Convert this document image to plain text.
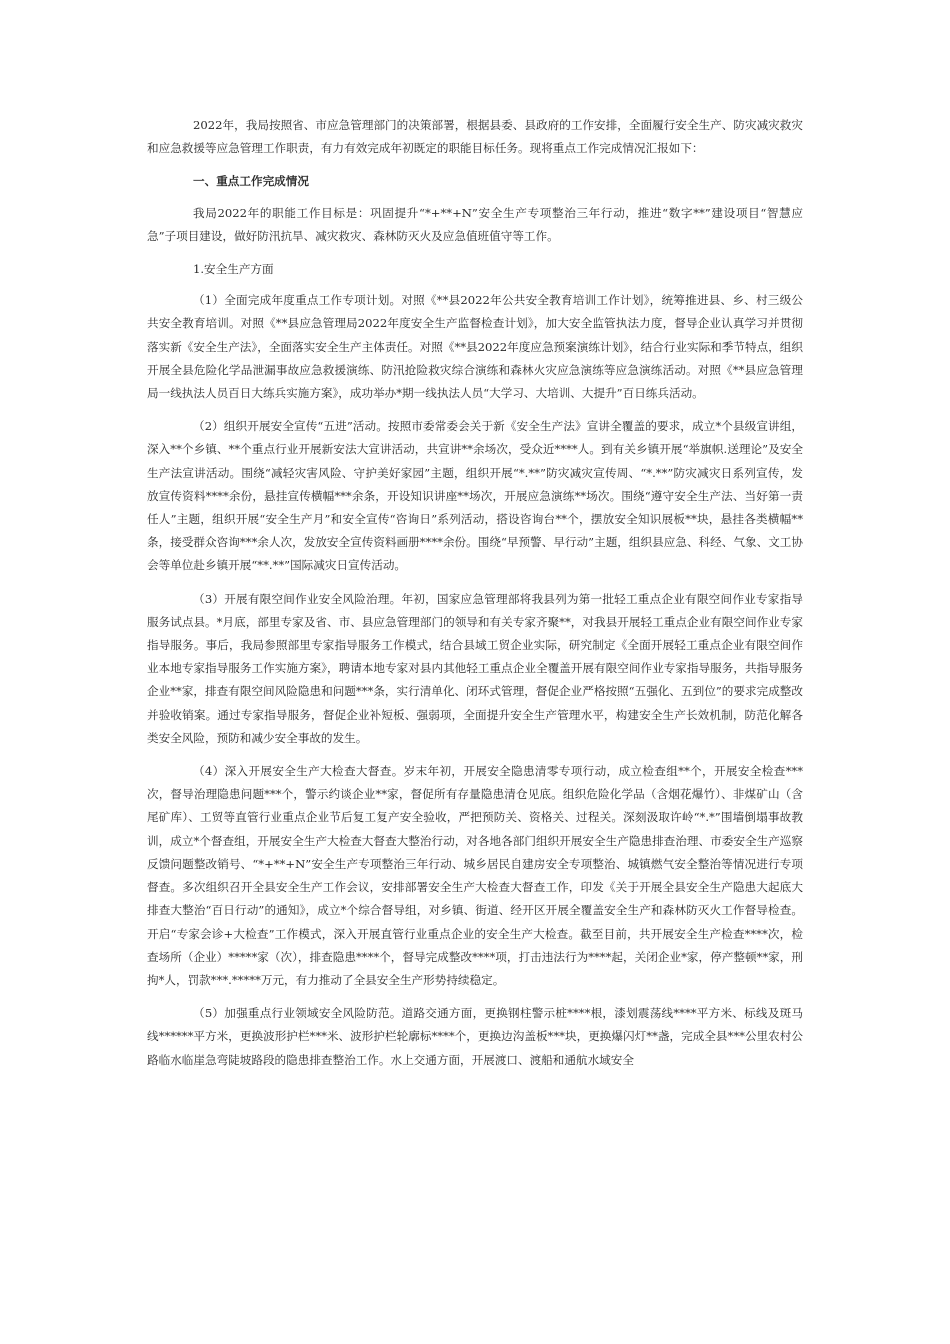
2022年，我局按照省、市应急管理部门的决策部署，根据县委、县政府的工作安排，全面履行安全生产、防灾减灾救灾和应急救援等应急管理工作职责，有力有效完成年初既定的职能目标任务。现将重点工作完成情况汇报如下：

一、重点工作完成情况

我局2022年的职能工作目标是：巩固提升“*+**+N”安全生产专项整治三年行动，推进“数字**”建设项目“智慧应急”子项目建设，做好防汛抗旱、减灾救灾、森林防灭火及应急值班值守等工作。

1.安全生产方面

（1）全面完成年度重点工作专项计划。对照《**县2022年公共安全教育培训工作计划》，统筹推进县、乡、村三级公共安全教育培训。对照《**县应急管理局2022年度安全生产监督检查计划》，加大安全监管执法力度，督导企业认真学习并贯彻落实新《安全生产法》，全面落实安全生产主体责任。对照《**县2022年度应急预案演练计划》，结合行业实际和季节特点，组织开展全县危险化学品泄漏事故应急救援演练、防汛抢险救灾综合演练和森林火灾应急演练等应急演练活动。对照《**县应急管理局一线执法人员百日大练兵实施方案》，成功举办*期一线执法人员“大学习、大培训、大提升”百日练兵活动。

（2）组织开展安全宣传“五进”活动。按照市委常委会关于新《安全生产法》宣讲全覆盖的要求，成立*个县级宣讲组，深入**个乡镇、**个重点行业开展新安法大宣讲活动，共宣讲**余场次，受众近****人。到有关乡镇开展“举旗帜.送理论”及安全生产法宣讲活动。围绕“减轻灾害风险、守护美好家园”主题，组织开展“*.**”防灾减灾宣传周、“*.**”防灾减灾日系列宣传，发放宣传资料****余份，悬挂宣传横幅***余条，开设知识讲座**场次，开展应急演练**场次。围绕“遵守安全生产法、当好第一责任人”主题，组织开展“安全生产月”和安全宣传“咨询日”系列活动，搭设咨询台**个，摆放安全知识展板**块，悬挂各类横幅**条，接受群众咨询***余人次，发放安全宣传资料画册****余份。围绕“早预警、早行动”主题，组织县应急、科经、气象、文工协会等单位赴乡镇开展“**.**”国际减灾日宣传活动。

（3）开展有限空间作业安全风险治理。年初，国家应急管理部将我县列为第一批轻工重点企业有限空间作业专家指导服务试点县。*月底，部里专家及省、市、县应急管理部门的领导和有关专家齐聚**，对我县开展轻工重点企业有限空间作业专家指导服务。事后，我局参照部里专家指导服务工作模式，结合县域工贸企业实际，研究制定《全面开展轻工重点企业有限空间作业本地专家指导服务工作实施方案》，聘请本地专家对县内其他轻工重点企业全覆盖开展有限空间作业专家指导服务，共指导服务企业**家，排查有限空间风险隐患和问题***条，实行清单化、闭环式管理，督促企业严格按照“五强化、五到位”的要求完成整改并验收销案。通过专家指导服务，督促企业补短板、强弱项，全面提升安全生产管理水平，构建安全生产长效机制，防范化解各类安全风险，预防和减少安全事故的发生。

（4）深入开展安全生产大检查大督查。岁末年初，开展安全隐患清零专项行动，成立检查组**个，开展安全检查***次，督导治理隐患问题***个，警示约谈企业**家，督促所有存量隐患清仓见底。组织危险化学品（含烟花爆竹）、非煤矿山（含尾矿库）、工贸等直管行业重点企业节后复工复产安全验收，严把预防关、资格关、过程关。深刻汲取许岭“*.*”围墙倒塌事故教训，成立*个督查组，开展安全生产大检查大督查大整治行动，对各地各部门组织开展安全生产隐患排查治理、市委安全生产巡察反馈问题整改销号、“*+**+N”安全生产专项整治三年行动、城乡居民自建房安全专项整治、城镇燃气安全整治等情况进行专项督查。多次组织召开全县安全生产工作会议，安排部署安全生产大检查大督查工作，印发《关于开展全县安全生产隐患大起底大排查大整治“百日行动”的通知》，成立*个综合督导组，对乡镇、街道、经开区开展全覆盖安全生产和森林防灭火工作督导检查。开启“专家会诊+大检查”工作模式，深入开展直管行业重点企业的安全生产大检查。截至目前，共开展安全生产检查****次，检查场所（企业）*****家（次），排查隐患****个，督导完成整改****项，打击违法行为****起，关闭企业*家，停产整顿**家，刑拘*人，罚款***.*****万元，有力推动了全县安全生产形势持续稳定。

（5）加强重点行业领域安全风险防范。道路交通方面，更换钢柱警示桩****根，漆划震荡线****平方米、标线及斑马线******平方米，更换波形护栏***米、波形护栏轮廓标****个，更换边沟盖板***块，更换爆闪灯**盏，完成全县***公里农村公路临水临崖急弯陡坡路段的隐患排查整治工作。水上交通方面，开展渡口、渡船和通航水域安全
